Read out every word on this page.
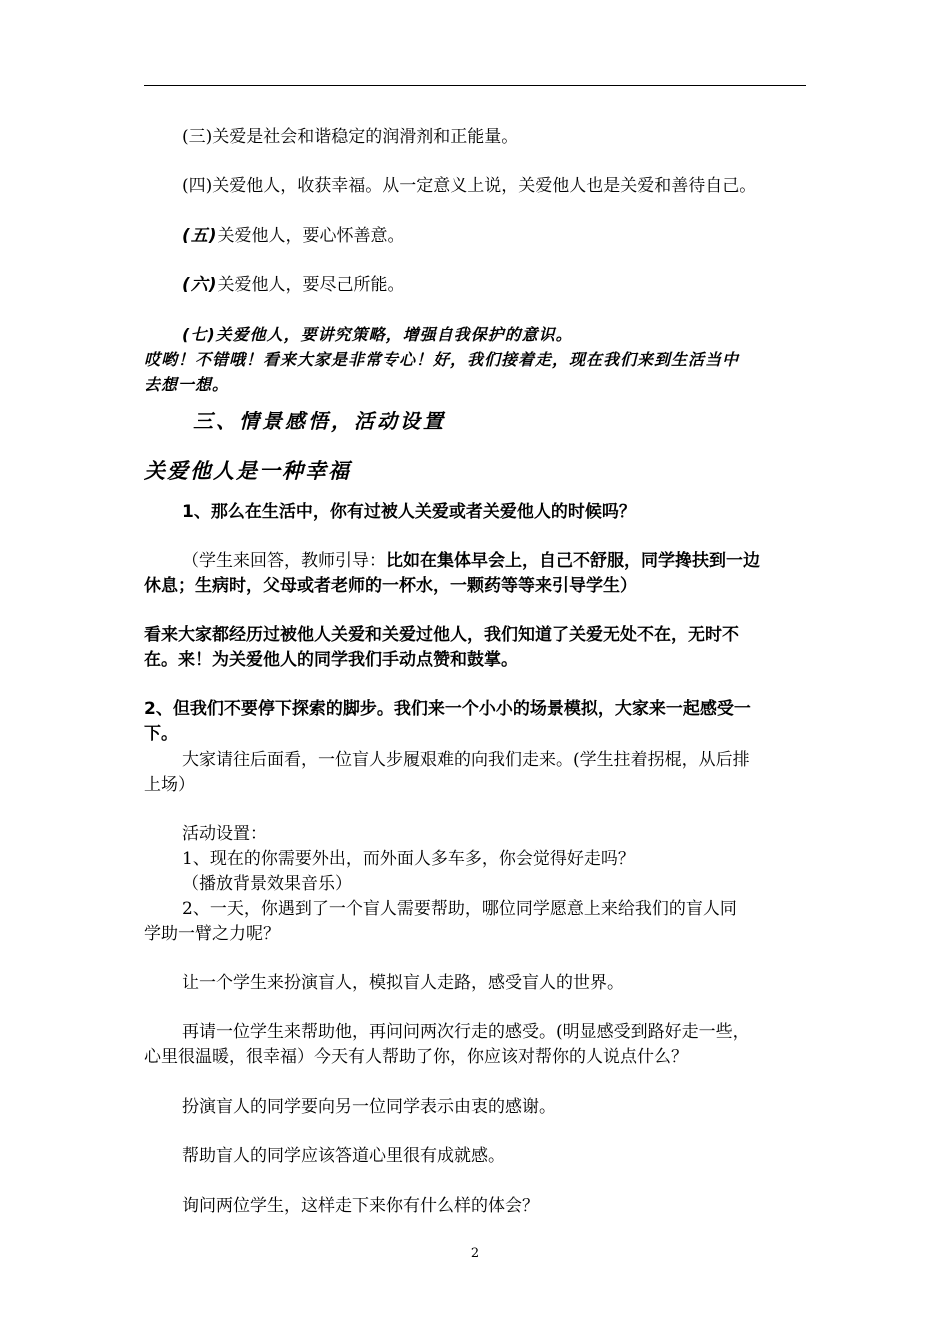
(三)关爱是社会和谐稳定的润滑剂和正能量。
(四)关爱他人，收获幸福。从一定意义上说，关爱他人也是关爱和善待自己。
(五)关爱他人，要心怀善意。
(六)关爱他人，要尽己所能。
(七)关爱他人，要讲究策略，增强自我保护的意识。
哎哟！不错哦！看来大家是非常专心！好，我们接着走，现在我们来到生活当中
去想一想。
三、情景感悟，活动设置
关爱他人是一种幸福
1、那么在生活中，你有过被人关爱或者关爱他人的时候吗？
（学生来回答，教师引导：比如在集体早会上，自己不舒服，同学搀扶到一边
休息；生病时，父母或者老师的一杯水，一颗药等等来引导学生）
看来大家都经历过被他人关爱和关爱过他人，我们知道了关爱无处不在，无时不
在。来！为关爱他人的同学我们手动点赞和鼓掌。
2、但我们不要停下探索的脚步。我们来一个小小的场景模拟，大家来一起感受一
下。
大家请往后面看，一位盲人步履艰难的向我们走来。(学生拄着拐棍，从后排
上场）
活动设置：
1、现在的你需要外出，而外面人多车多，你会觉得好走吗？
（播放背景效果音乐）
2、一天，你遇到了一个盲人需要帮助，哪位同学愿意上来给我们的盲人同
学助一臂之力呢？
让一个学生来扮演盲人，模拟盲人走路，感受盲人的世界。
再请一位学生来帮助他，再问问两次行走的感受。(明显感受到路好走一些，
心里很温暖，很幸福）今天有人帮助了你，你应该对帮你的人说点什么？
扮演盲人的同学要向另一位同学表示由衷的感谢。
帮助盲人的同学应该答道心里很有成就感。
询问两位学生，这样走下来你有什么样的体会？
2
